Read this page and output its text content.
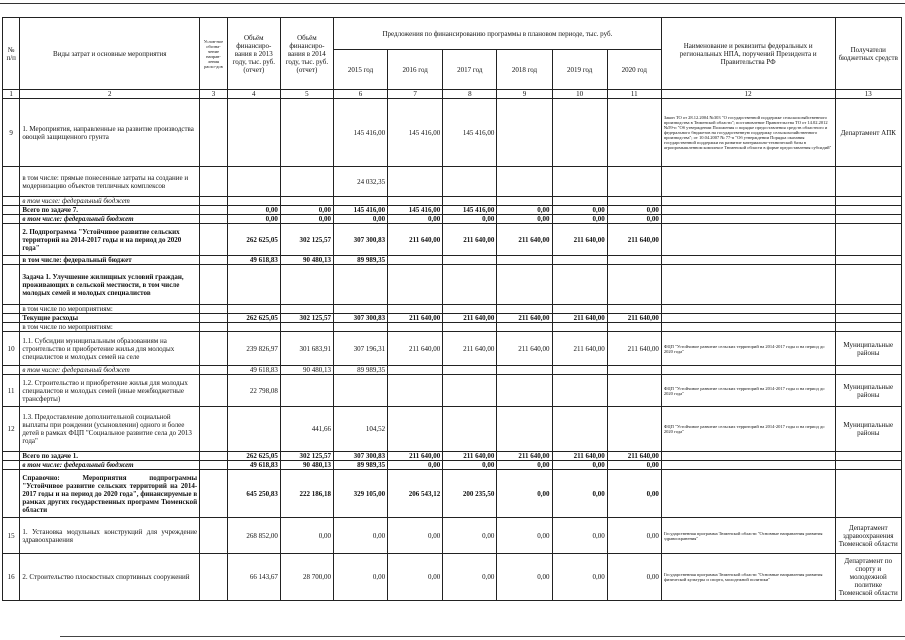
№ п/п	Виды затрат и основные мероприятия	Услов-ное обозна-чение направ-ления расхо-дов	Объём финансиро-вания в 2013 году, тыс. руб. (отчет)	Объём финансиро-вания в 2014 году, тыс. руб. (отчет)	Предложения по финансированию программы в плановом периоде, тыс. руб.						Наименование и реквизиты федеральных и региональных НПА, поручений Президента и Правительства РФ	Получатели бюджетных средств
					2015 год	2016 год	2017 год	2018 год	2019 год	2020 год		
1	2	3	4	5	6	7	8	9	10	11	12	13
9	1. Мероприятия, направленные на развитие производства овощей защищенного грунта				145 416,00	145 416,00	145 416,00				Закон ТО от 28.12.2004 №303 "О государственной поддержке сельскохозяйственного производства в Тюменской области"; постановление Правительства ТО от 14.02.2012 №59-п "Об утверждении Положения о порядке предоставления средств областного и федерального бюджетов на государственную поддержку сельскохозяйственного производства"; от 10.04.2007 № 77-п "Об утверждении Порядка оказания государственной поддержки на развитие материально-технической базы в агропромышленном комплексе Тюменской области в форме предоставления субсидий"	Департамент АПК
	в том числе: прямые понесенные затраты на создание и модернизацию объектов тепличных комплексов				24 032,35							
	в том числе: федеральный бюджет											
	Всего по задаче 7.		0,00	0,00	145 416,00	145 416,00	145 416,00	0,00	0,00	0,00		
	в том числе: федеральный бюджет		0,00	0,00	0,00	0,00	0,00	0,00	0,00	0,00		
	2. Подпрограмма "Устойчивое развитие сельских территорий на 2014-2017 годы и на период до 2020 года"		262 625,05	302 125,57	307 300,83	211 640,00	211 640,00	211 640,00	211 640,00	211 640,00		
	в том числе: федеральный бюджет		49 618,83	90 480,13	89 989,35							
	Задача 1. Улучшение жилищных условий граждан, проживающих в сельской местности, в том числе молодых семей и молодых специалистов											
	в том числе по мероприятиям:											
	Текущие расходы		262 625,05	302 125,57	307 300,83	211 640,00	211 640,00	211 640,00	211 640,00	211 640,00		
	в том числе по мероприятиям:											
10	1.1. Субсидии муниципальным образованиям на строительство и приобретение жилья для молодых специалистов и молодых семей на селе		239 826,97	301 683,91	307 196,31	211 640,00	211 640,00	211 640,00	211 640,00	211 640,00	ФЦП "Устойчивое развитие сельских территорий на 2014-2017 годы и на период до 2020 года"	Муниципальные районы
	в том числе: федеральный бюджет		49 618,83	90 480,13	89 989,35							
11	1.2. Строительство и приобретение жилья для молодых специалистов и молодых семей (иные межбюджетные трансферты)		22 798,08								ФЦП "Устойчивое развитие сельских территорий на 2014-2017 годы и на период до 2020 года"	Муниципальные районы
12	1.3. Предоставление дополнительной социальной выплаты при рождении (усыновлении) одного и более детей в рамках ФЦП "Социальное развитие села до 2013 года"			441,66	104,52						ФЦП "Устойчивое развитие сельских территорий на 2014-2017 годы и на период до 2020 года"	Муниципальные районы
	Всего по задаче 1.		262 625,05	302 125,57	307 300,83	211 640,00	211 640,00	211 640,00	211 640,00	211 640,00		
	в том числе: федеральный бюджет		49 618,83	90 480,13	89 989,35	0,00	0,00	0,00	0,00	0,00		
	Справочно: Мероприятия подпрограммы "Устойчивое развитие сельских территорий на 2014-2017 годы и на период до 2020 года", финансируемые в рамках других государственных программ Тюменской области		645 250,83	222 186,18	329 105,00	206 543,12	200 235,50	0,00	0,00	0,00		
15	1. Установка модульных конструкций для учреждение здравоохранения		268 852,00	0,00	0,00	0,00	0,00	0,00	0,00	0,00	Государственная программа Тюменской области "Основные направления развития здравоохранения"	Департамент здравоохранения Тюменской области
16	2. Строительство плоскостных спортивных сооружений		66 143,67	28 700,00	0,00	0,00	0,00	0,00	0,00	0,00	Государственная программа Тюменской области "Основные направления развития физической культуры и спорта, молодежной политики"	Департамент по спорту и молодежной политике Тюменской области
